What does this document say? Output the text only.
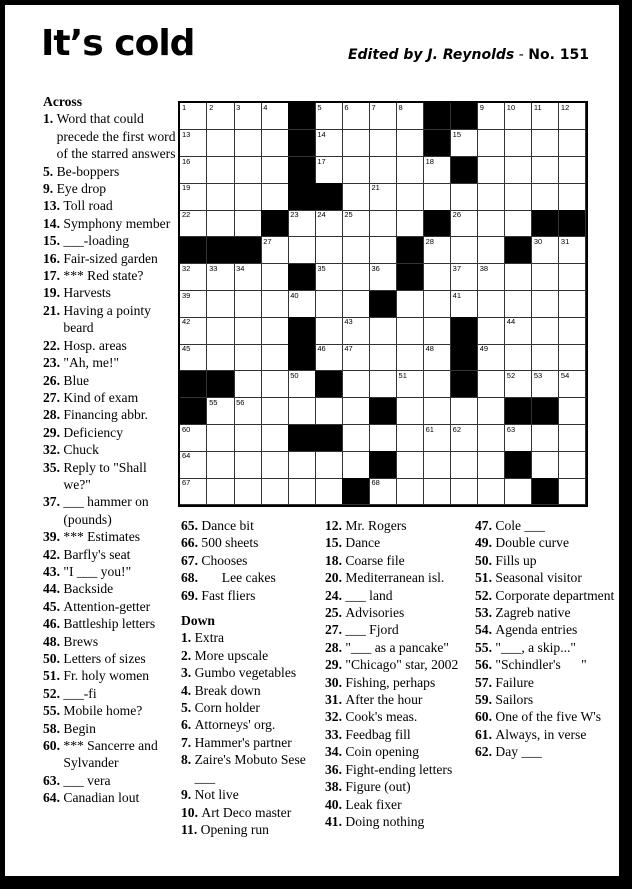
It’s cold	Edited by J. Reynolds - No. 151
1	2	3	4	5	6	7	8	9	10 11	12
13	14	15
16	17	18
19	21
22	23 24 25	26
27	28	30 31
32 33 34	35	36	37 38
39	40	41
42	43	44
45	46 47	48	49
50	51	52 53 54
55 56
60	61 62	63
64
67	68
Across
1. Word that could precede the first word of the starred answers
5. Be-boppers
9. Eye drop
13. Toll road
14. Symphony member
15. ___-loading
16. Fair-sized garden
17. *** Red state?
19. Harvests
21. Having a pointy beard
22. Hosp. areas
23. "Ah, me!"
26. Blue
27. Kind of exam
28. Financing abbr.
29. Deficiency
32. Chuck
35. Reply to "Shall we?"
37. ___ hammer on (pounds)
39. *** Estimates
42. Barfly's seat
43. "I ___ you!"
44. Backside
45. Attention-getter
46. Battleship letters
48. Brews
50. Letters of sizes
51. Fr. holy women
52. ___-fi
55. Mobile home?
58. Begin
60. *** Sancerre and Sylvander
63. ___ vera
64. Canadian lout
65. Dance bit
66. 500 sheets
67. Chooses
68. Lee cakes
69. Fast fliers
Down
1. Extra
2. More upscale
3. Gumbo vegetables
4. Break down
5. Corn holder
6. Attorneys' org.
7. Hammer's partner
8. Zaire's Mobuto Sese ___
9. Not live
10. Art Deco master
11. Opening run
12. Mr. Rogers
15. Dance
18. Coarse file
20. Mediterranean isl.
24. ___ land
25. Advisories
27. ___ Fjord
28. "___ as a pancake"
29. "Chicago" star, 2002
30. Fishing, perhaps
31. After the hour
32. Cook's meas.
33. Feedbag fill
34. Coin opening
36. Fight-ending letters
38. Figure (out)
40. Leak fixer
41. Doing nothing
47. Cole ___
49. Double curve
50. Fills up
51. Seasonal visitor
52. Corporate department
53. Zagreb native
54. Agenda entries
55. "___, a skip..."
56. "Schindler's      "
57. Failure
59. Sailors
60. One of the five W's
61. Always, in verse
62. Day ___
